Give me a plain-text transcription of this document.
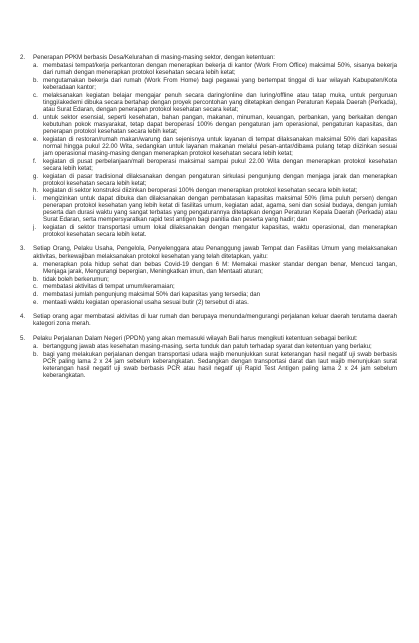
2.	Penerapan PPKM berbasis Desa/Kelurahan di masing-masing sektor, dengan ketentuan:
a. membatasi tempat/kerja perkantoran dengan menerapkan bekerja di kantor (Work From Office) maksimal 50%, sisanya bekerja dari rumah dengan menerapkan protokol kesehatan secara lebih ketat;
b. mengutamakan bekerja dari rumah (Work From Home) bagi pegawai yang bertempat tinggal di luar wilayah Kabupaten/Kota keberadaan kantor;
c. melaksanakan kegiatan belajar mengajar penuh secara daring/online dan luring/offline atau tatap muka, untuk perguruan tinggi/akedemi dibuka secara bertahap dengan proyek percontohan yang ditetapkan dengan Peraturan Kepala Daerah (Perkada), atau Surat Edaran, dengan penerapan protokol kesehatan secara ketat;
d. untuk sektor esensial, seperti kesehatan, bahan pangan, makanan, minuman, keuangan, perbankan, yang berkaitan dengan kebutuhan pokok masyarakat, tetap dapat beroperasi 100% dengan pengaturan jam operasional, pengaturan kapasitas, dan penerapan protokol kesehatan secara lebih ketat;
e. kegiatan di restoran/rumah makan/warung dan sejenisnya untuk layanan di tempat dilaksanakan maksimal 50% dari kapasitas normal hingga pukul 22.00 Wita, sedangkan untuk layanan makanan melalui pesan-antar/dibawa pulang tetap diizinkan sesuai jam operasional masing-masing dengan menerapkan protokol kesehatan secara lebih ketat;
f.	kegiatan di pusat perbelanjaan/mall beroperasi maksimal sampai pukul 22.00 Wita dengan menerapkan protokol kesehatan secara lebih ketat;
g. kegiatan di pasar tradisional dilaksanakan dengan pengaturan sirkulasi pengunjung dengan menjaga jarak dan menerapkan protokol kesehatan secara lebih ketat;
h. kegiatan di sektor konstruksi diizinkan beroperasi 100% dengan menerapkan protokol kesehatan secara lebih ketat;
i.	mengizinkan untuk dapat dibuka dan dilaksanakan dengan pembatasan kapasitas maksimal 50% (lima puluh persen) dengan penerapan protokol kesehatan yang lebih ketat di fasilitas umum, kegiatan adat, agama, seni dan sosial budaya, dengan jumlah peserta dan durasi waktu yang sangat terbatas yang pengaturannya ditetapkan dengan Peraturan Kepala Daerah (Perkada) atau Surat Edaran, serta mempersyaratkan rapid test antigen bagi panitia dan peserta yang hadir; dan
j.	kegiatan di sektor transportasi umum lokal dilaksanakan dengan mengatur kapasitas, waktu operasional, dan menerapkan protokol kesehatan secara lebih ketat.
3.	Setiap Orang, Pelaku Usaha, Pengelola, Penyelenggara atau Penanggung jawab Tempat dan Fasilitas Umum yang melaksanakan aktivitas, berkewajiban melaksanakan protokol kesehatan yang telah ditetapkan, yaitu:
a. menerapkan pola hidup sehat dan bebas Covid-19 dengan 6 M: Memakai masker standar dengan benar, Mencuci tangan, Menjaga jarak, Mengurangi bepergian, Meningkatkan imun, dan Mentaati aturan;
b. tidak boleh berkerumun;
c. membatasi aktivitas di tempat umum/keramaian;
d. membatasi jumlah pengunjung maksimal 50% dari kapasitas yang tersedia; dan
e. mentaati waktu kegiatan operasional usaha sesuai butir (2) tersebut di atas.
4.	Setiap orang agar membatasi aktivitas di luar rumah dan berupaya menunda/mengurangi perjalanan keluar daerah terutama daerah kategori zona merah.
5.	Pelaku Perjalanan Dalam Negeri (PPDN) yang akan memasuki wilayah Bali harus mengikuti ketentuan sebagai berikut:
a. bertanggung jawab atas kesehatan masing-masing, serta tunduk dan patuh terhadap syarat dan ketentuan yang berlaku;
b. bagi yang melakukan perjalanan dengan transportasi udara wajib menunjukkan surat keterangan hasil negatif uji swab berbasis PCR paling lama 2 x 24 jam sebelum keberangkatan. Sedangkan dengan transportasi darat dan laut wajib menunjukan surat keterangan hasil negatif uji swab berbasis PCR atau hasil negatif uji Rapid Test Antigen paling lama 2 x 24 jam sebelum keberangkatan.
